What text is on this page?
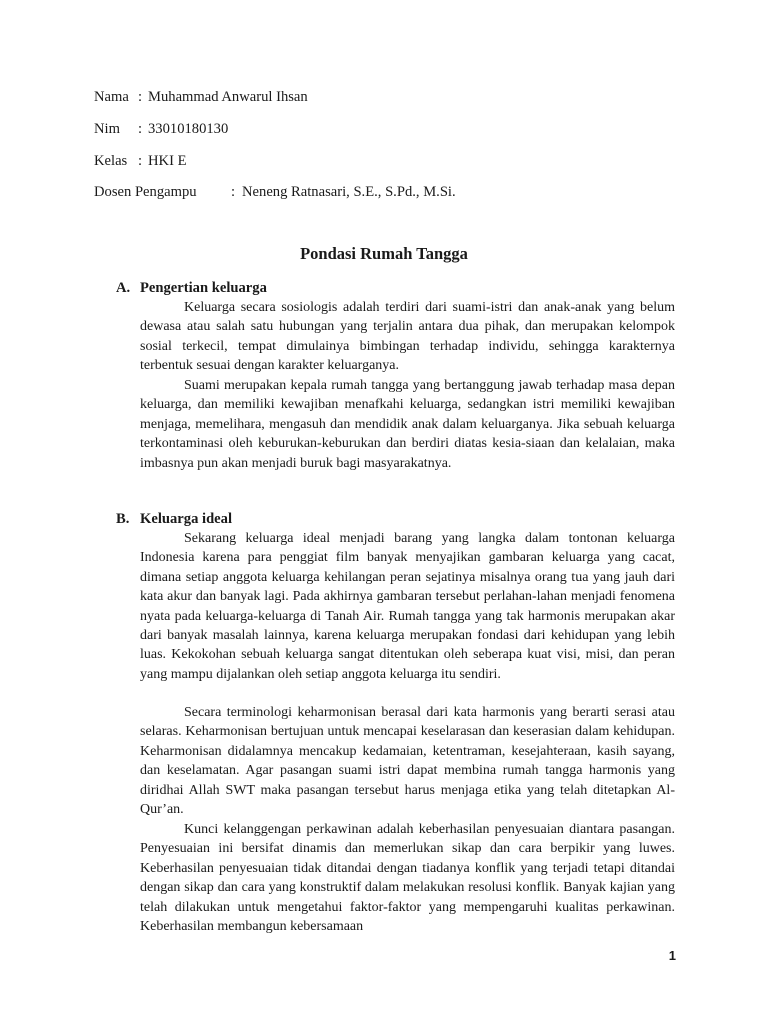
Nama : Muhammad Anwarul Ihsan
Nim : 33010180130
Kelas : HKI E
Dosen Pengampu : Neneng Ratnasari, S.E., S.Pd., M.Si.
Pondasi Rumah Tangga
A. Pengertian keluarga

Keluarga secara sosiologis adalah terdiri dari suami-istri dan anak-anak yang belum dewasa atau salah satu hubungan yang terjalin antara dua pihak, dan merupakan kelompok sosial terkecil, tempat dimulainya bimbingan terhadap individu, sehingga karakternya terbentuk sesuai dengan karakter keluarganya.

Suami merupakan kepala rumah tangga yang bertanggung jawab terhadap masa depan keluarga, dan memiliki kewajiban menafkahi keluarga, sedangkan istri memiliki kewajiban menjaga, memelihara, mengasuh dan mendidik anak dalam keluarganya. Jika sebuah keluarga terkontaminasi oleh keburukan-keburukan dan berdiri diatas kesia-siaan dan kelalaian, maka imbasnya pun akan menjadi buruk bagi masyarakatnya.

B. Keluarga ideal

Sekarang keluarga ideal menjadi barang yang langka dalam tontonan keluarga Indonesia karena para penggiat film banyak menyajikan gambaran keluarga yang cacat, dimana setiap anggota keluarga kehilangan peran sejatinya misalnya orang tua yang jauh dari kata akur dan banyak lagi. Pada akhirnya gambaran tersebut perlahan-lahan menjadi fenomena nyata pada keluarga-keluarga di Tanah Air. Rumah tangga yang tak harmonis merupakan akar dari banyak masalah lainnya, karena keluarga merupakan fondasi dari kehidupan yang lebih luas. Kekokohan sebuah keluarga sangat ditentukan oleh seberapa kuat visi, misi, dan peran yang mampu dijalankan oleh setiap anggota keluarga itu sendiri.

Secara terminologi keharmonisan berasal dari kata harmonis yang berarti serasi atau selaras. Keharmonisan bertujuan untuk mencapai keselarasan dan keserasian dalam kehidupan. Keharmonisan didalamnya mencakup kedamaian, ketentraman, kesejahteraan, kasih sayang, dan keselamatan. Agar pasangan suami istri dapat membina rumah tangga harmonis yang diridhai Allah SWT maka pasangan tersebut harus menjaga etika yang telah ditetapkan Al-Qur’an.

Kunci kelanggengan perkawinan adalah keberhasilan penyesuaian diantara pasangan. Penyesuaian ini bersifat dinamis dan memerlukan sikap dan cara berpikir yang luwes. Keberhasilan penyesuaian tidak ditandai dengan tiadanya konflik yang terjadi tetapi ditandai dengan sikap dan cara yang konstruktif dalam melakukan resolusi konflik. Banyak kajian yang telah dilakukan untuk mengetahui faktor-faktor yang mempengaruhi kualitas perkawinan. Keberhasilan membangun kebersamaan

1
